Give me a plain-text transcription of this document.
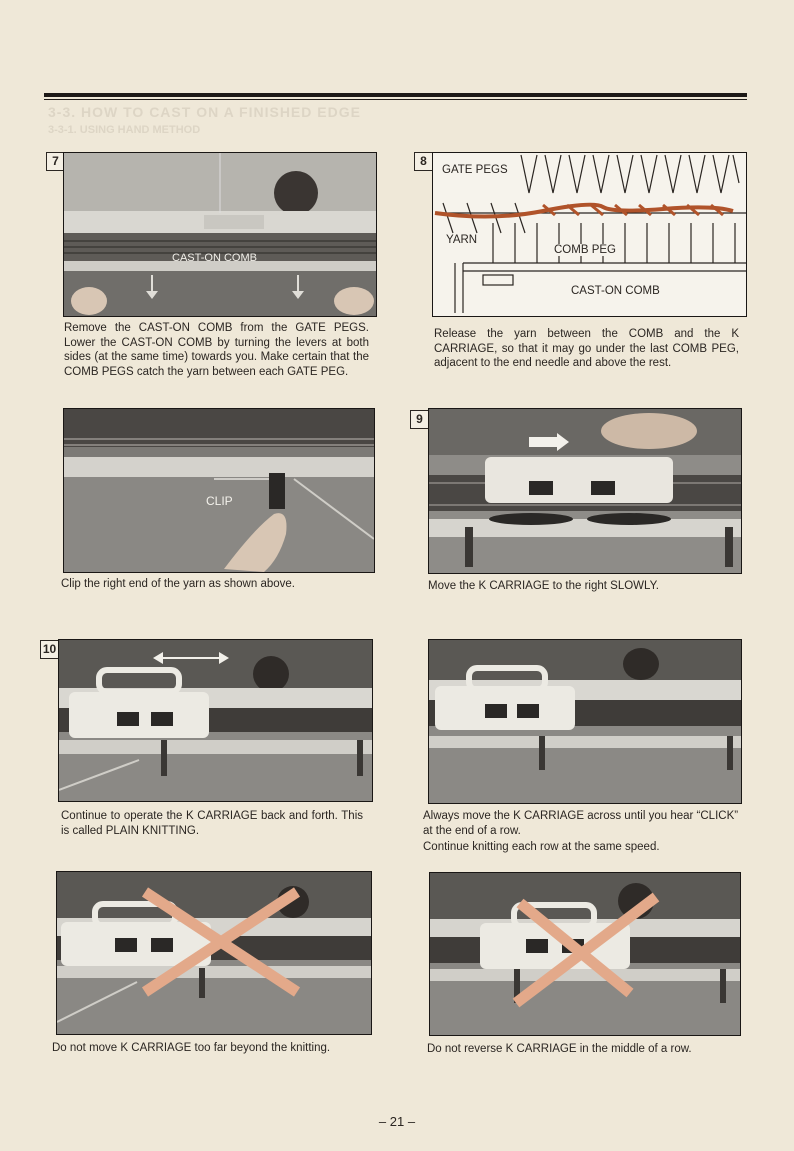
3-3. HOW TO CAST ON A FINISHED EDGE
3-3-1. USING HAND METHOD
7
CAST-ON COMB
Remove the CAST-ON COMB from the GATE PEGS. Lower the CAST-ON COMB by turning the levers at both sides (at the same time) towards you. Make certain that the COMB PEGS catch the yarn between each GATE PEG.
8
GATE PEGS
YARN
COMB PEG
CAST-ON COMB
Release the yarn between the COMB and the K CARRIAGE, so that it may go under the last COMB PEG, adjacent to the end needle and above the rest.
CLIP
Clip the right end of the yarn as shown above.
9
Move the K CARRIAGE to the right SLOWLY.
10
Continue to operate the K CARRIAGE back and forth. This is called PLAIN KNITTING.
Always move the K CARRIAGE across until you hear “CLICK” at the end of a row.
Continue knitting each row at the same speed.
Do not move K CARRIAGE too far beyond the knitting.	Do not reverse K CARRIAGE in the middle of a row.
– 21 –
